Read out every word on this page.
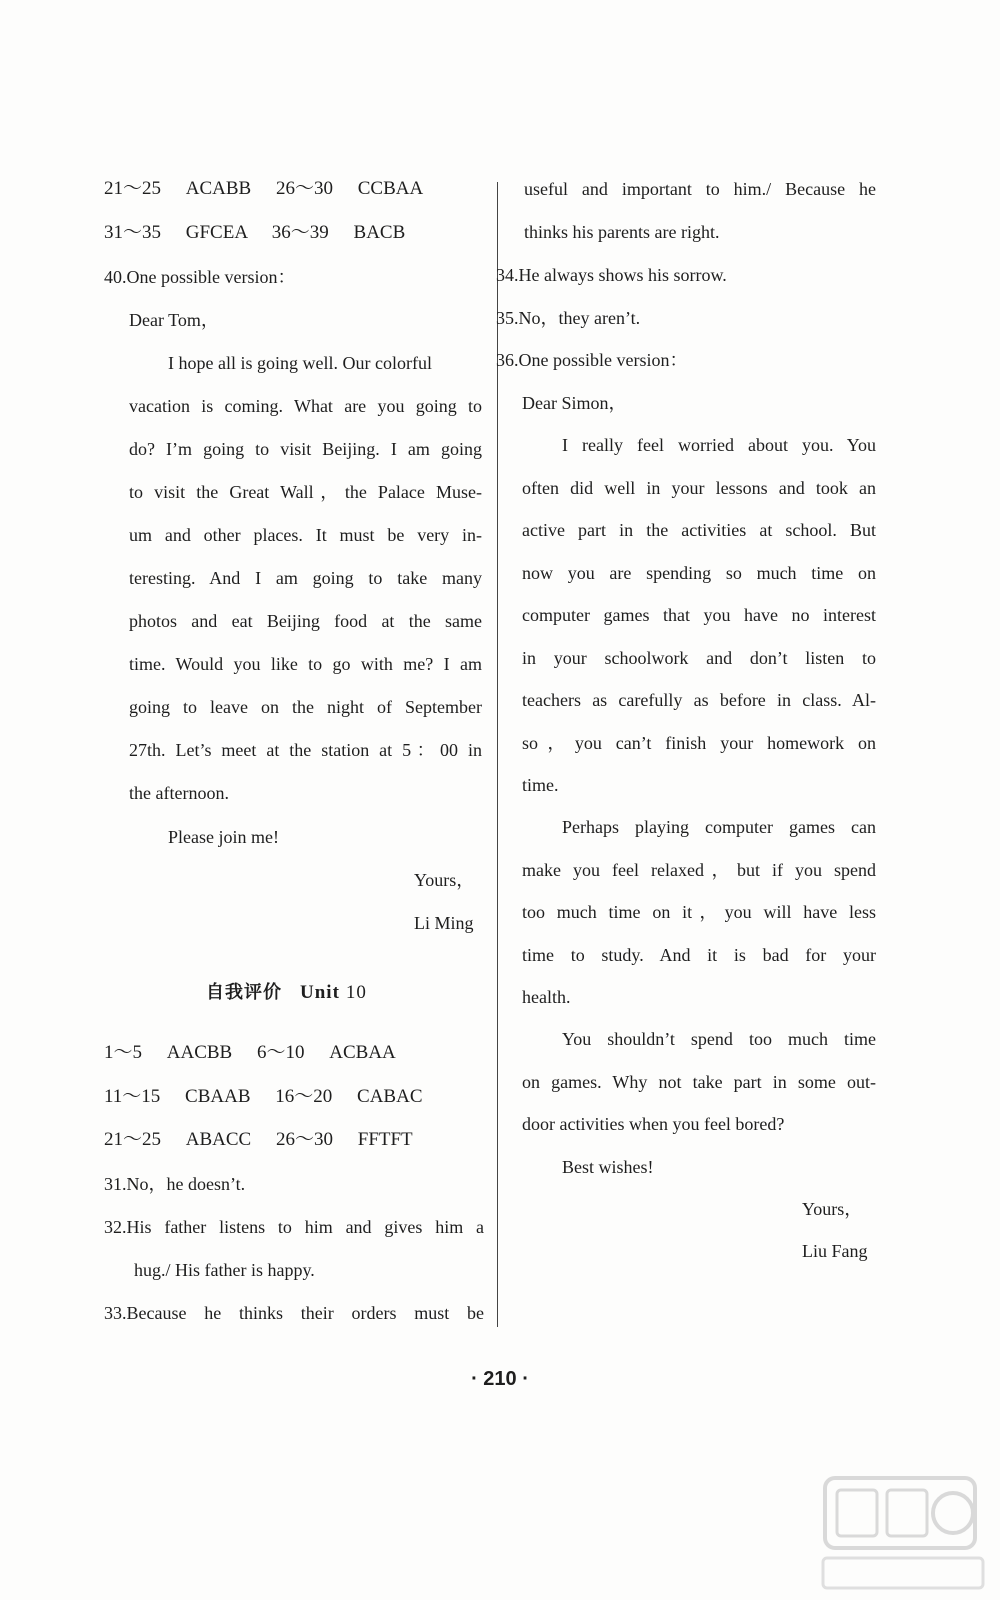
21～25 ACABB 26～30 CCBAA
31～35 GFCEA 36～39 BACB
40.One possible version：
Dear Tom，
I hope all is going well. Our colorful
vacation is coming. What are you going to
do? I’m going to visit Beijing. I am going
to visit the Great Wall，the Palace Muse-
um and other places. It must be very in-
teresting. And I am going to take many
photos and eat Beijing food at the same
time. Would you like to go with me? I am
going to leave on the night of September
27th. Let’s meet at the station at 5：00 in
the afternoon.
Please join me!
Yours，
Li Ming
自我评价 Unit 10
1～5 AACBB 6～10 ACBAA
11～15 CBAAB 16～20 CABAC
21～25 ABACC 26～30 FFTFT
31.No，he doesn’t.
32.His father listens to him and gives him a
hug./ His father is happy.
33.Because he thinks their orders must be
useful and important to him./ Because he
thinks his parents are right.
34.He always shows his sorrow.
35.No，they aren’t.
36.One possible version：
Dear Simon，
I really feel worried about you. You
often did well in your lessons and took an
active part in the activities at school. But
now you are spending so much time on
computer games that you have no interest
in your schoolwork and don’t listen to
teachers as carefully as before in class. Al-
so，you can’t finish your homework on
time.
Perhaps playing computer games can
make you feel relaxed，but if you spend
too much time on it，you will have less
time to study. And it is bad for your
health.
You shouldn’t spend too much time
on games. Why not take part in some out-
door activities when you feel bored?
Best wishes!
Yours，
Liu Fang
· 210 ·
